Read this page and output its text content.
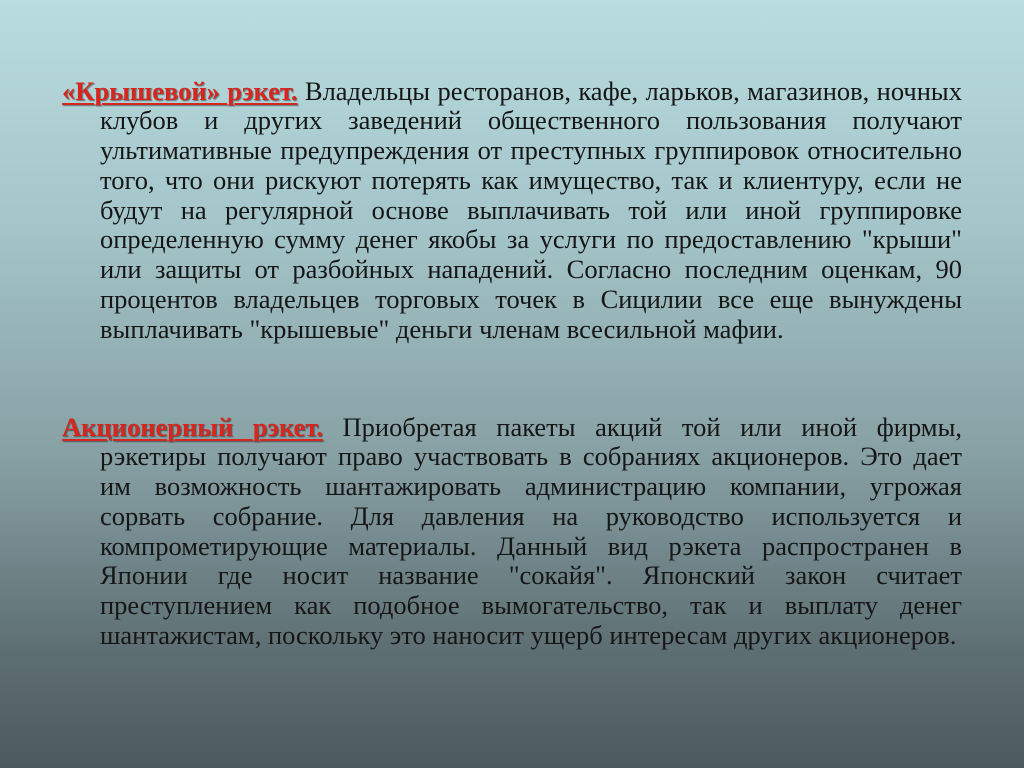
«Крышевой» рэкет. Владельцы ресторанов, кафе, ларьков, магазинов, ночных клубов и других заведений общественного пользования получают ультимативные предупреждения от преступных группировок относительно того, что они рискуют потерять как имущество, так и клиентуру, если не будут на регулярной основе выплачивать той или иной группировке определенную сумму денег якобы за услуги по предоставлению "крыши" или защиты от разбойных нападений. Согласно последним оценкам, 90 процентов владельцев торговых точек в Сицилии все еще вынуждены выплачивать "крышевые" деньги членам всесильной мафии.

Акционерный рэкет. Приобретая пакеты акций той или иной фирмы, рэкетиры получают право участвовать в собраниях акционеров. Это дает им возможность шантажировать администрацию компании, угрожая сорвать собрание. Для давления на руководство используется и компрометирующие материалы. Данный вид рэкета распространен в Японии где носит название "сокайя". Японский закон считает преступлением как подобное вымогательство, так и выплату денег шантажистам, поскольку это наносит ущерб интересам других акционеров.
